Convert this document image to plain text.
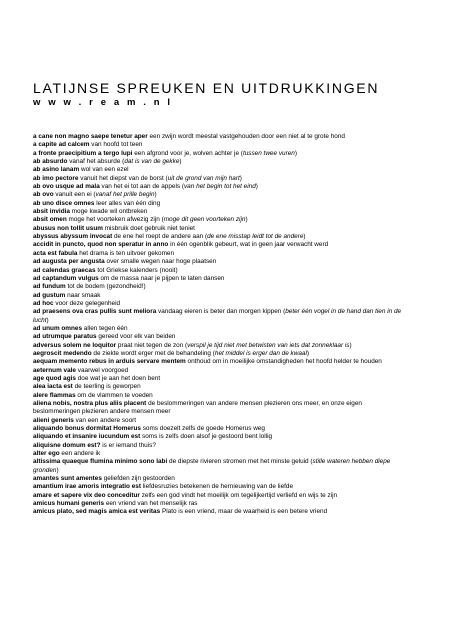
LATIJNSE SPREUKEN EN UITDRUKKINGEN
w w w . r e a m . n l

a cane non magno saepe tenetur aper een zwijn wordt meestal vastgehouden door een niet al te grote hond

a capite ad calcem van hoofd tot teen

a fronte praecipitium a tergo lupi een afgrond voor je, wolven achter je (tussen twee vuren)

ab absurdo vanaf het absurde (dat is van de gekke)

ab asino lanam wol van een ezel

ab imo pectore vanuit het diepst van de borst (uit de grond van mijn hart)

ab ovo usque ad mala van het ei tot aan de appels (van het begin tot het eind)

ab ovo vanuit een ei (vanaf het prille begin)

ab uno disce omnes leer alles van één ding

absit invidia moge kwade wil ontbreken

absit omen moge het voorteken afwezig zijn (moge dit geen voorteken zijn)

abusus non tollit usum misbruik doet gebruik niet teniet

abyssus abyssum invocat de ene hel roept de andere aan (de ene misstap leidt tot de andere)

accidit in puncto, quod non speratur in anno in één ogenblik gebeurt, wat in geen jaar verwacht werd

acta est fabula het drama is ten uitvoer gekomen

ad augusta per angusta over smalle wegen naar hoge plaatsen

ad calendas graecas tot Griekse kalenders (nooit)

ad captandum vulgus om de massa naar je pijpen te laten dansen

ad fundum tot de bodem (gezondheid!)

ad gustum naar smaak

ad hoc voor deze gelegenheid

ad praesens ova cras pullis sunt meliora vandaag eieren is beter dan morgen kippen (beter één vogel in de hand dan tien in de lucht)

ad unum omnes allen tegen één

ad utrumque paratus gereed voor elk van beiden

adversus solem ne loquitor praat niet tegen de zon (verspil je tijd niet met betwisten van iets dat zonneklaar is)

aegroscit medendo de ziekte wordt erger met de behandeling (het middel is erger dan de kwaal)

aequam memento rebus in arduis servare mentem onthoud om in moeilijke omstandigheden het hoofd helder te houden

aeternum vale vaarwel voorgoed

age quod agis doe wat je aan het doen bent

alea iacta est de teerling is geworpen

alere flammas om de vlammen te voeden

aliena nobis, nostra plus aliis placent de beslommeringen van andere mensen plezieren ons meer, en onze eigen beslommeringen plezieren andere mensen meer

alieni generis van een andere soort

aliquando bonus dormitat Homerus soms doezelt zelfs de goede Homerus weg

aliquando et insanire iucundum est soms is zelfs doen alsof je gestoord bent lollig

aliquisne domum est? is er iemand thuis?

alter ego een andere ik

altissima quaeque flumina minimo sono labi de diepste rivieren stromen met het minste geluid (stille wateren hebben diepe gronden)

amantes sunt amentes geliefden zijn gestoorden

amantium irae amoris integratio est liefdesruzies betekenen de hernieuwing van de liefde

amare et sapere vix deo conceditur zelfs een god vindt het moeilijk om tegelijkertijd verliefd en wijs te zijn

amicus humani generis een vriend van het menselijk ras

amicus plato, sed magis amica est veritas Plato is een vriend, maar de waarheid is een betere vriend
